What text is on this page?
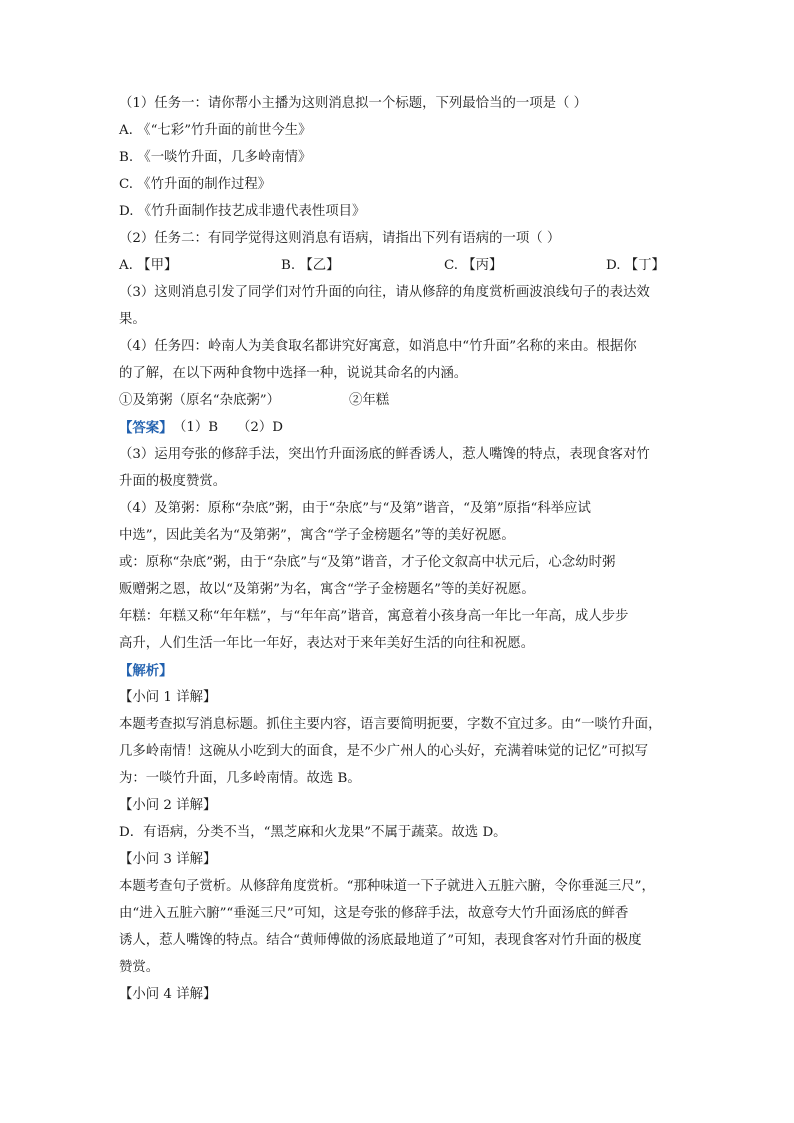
（1）任务一：请你帮小主播为这则消息拟一个标题，下列最恰当的一项是（ ）
A. 《“七彩”竹升面的前世今生》
B. 《一啖竹升面，几多岭南情》
C. 《竹升面的制作过程》
D. 《竹升面制作技艺成非遗代表性项目》
（2）任务二：有同学觉得这则消息有语病，请指出下列有语病的一项（ ）
A. 【甲】	B. 【乙】	C. 【丙】	D. 【丁】
（3）这则消息引发了同学们对竹升面的向往，请从修辞的角度赏析画波浪线句子的表达效
果。
（4）任务四：岭南人为美食取名都讲究好寓意，如消息中“竹升面”名称的来由。根据你
的了解，在以下两种食物中选择一种，说说其命名的内涵。
①及第粥（原名“杂底粥”）	②年糕
【答案】 （1）B （2）D
（3）运用夸张的修辞手法，突出竹升面汤底的鲜香诱人，惹人嘴馋的特点，表现食客对竹
升面的极度赞赏。
（4）及第粥：原称“杂底”粥，由于“杂底”与“及第”谐音，“及第”原指“科举应试
中选”，因此美名为“及第粥”，寓含“学子金榜题名”等的美好祝愿。
或：原称“杂底”粥，由于“杂底”与“及第”谐音，才子伦文叙高中状元后，心念幼时粥
贩赠粥之恩，故以“及第粥”为名，寓含“学子金榜题名”等的美好祝愿。
年糕：年糕又称“年年糕”，与“年年高”谐音，寓意着小孩身高一年比一年高，成人步步
高升，人们生活一年比一年好，表达对于来年美好生活的向往和祝愿。
【解析】
【小问 1 详解】
本题考查拟写消息标题。抓住主要内容，语言要简明扼要，字数不宜过多。由“一啖竹升面，
几多岭南情！这碗从小吃到大的面食，是不少广州人的心头好，充满着味觉的记忆”可拟写
为：一啖竹升面，几多岭南情。故选 B。
【小问 2 详解】
D．有语病，分类不当，“黑芝麻和火龙果”不属于蔬菜。故选 D。
【小问 3 详解】
本题考查句子赏析。从修辞角度赏析。“那种味道一下子就进入五脏六腑，令你垂涎三尺”，
由“进入五脏六腑”“垂涎三尺”可知，这是夸张的修辞手法，故意夸大竹升面汤底的鲜香
诱人，惹人嘴馋的特点。结合“黄师傅做的汤底最地道了”可知，表现食客对竹升面的极度
赞赏。
【小问 4 详解】
